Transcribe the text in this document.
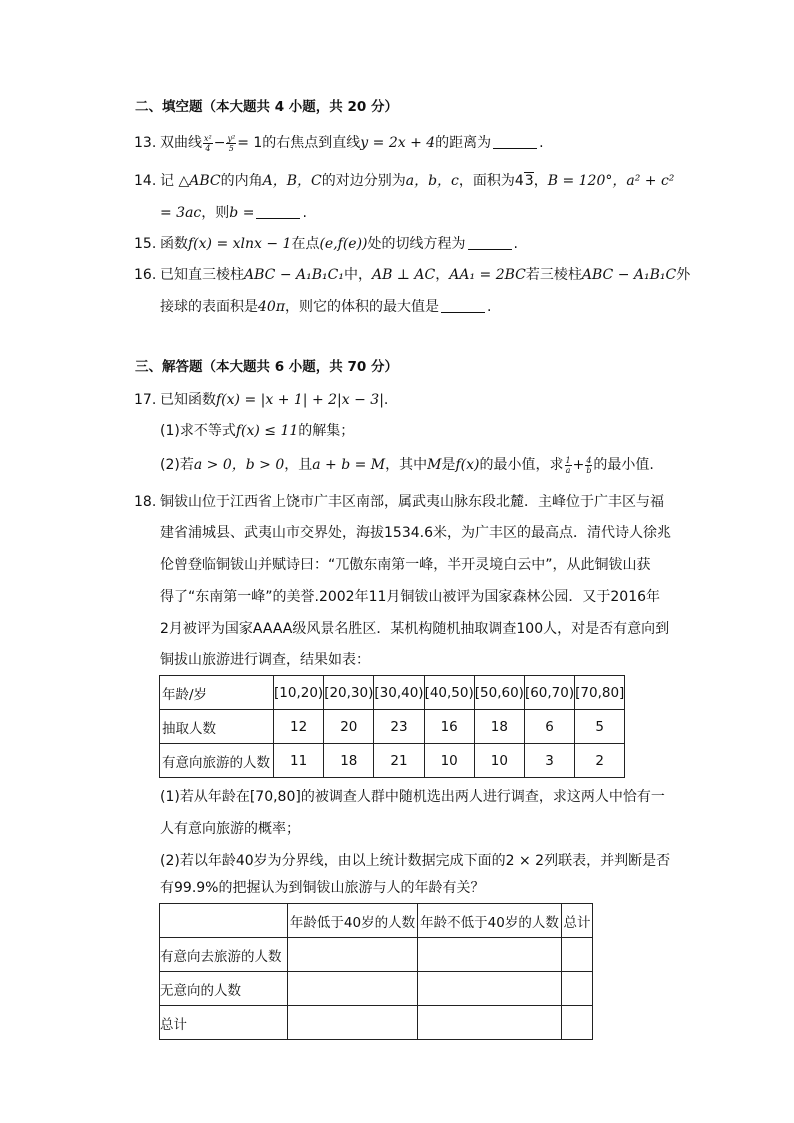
二、填空题（本大题共 4 小题，共 20 分）
13. 双曲线 $\frac{\text{x²}}{4} - \frac{\text{y²}}{5} = 1$的右焦点到直线y = 2x + 4的距离为	.
14. 记 △ABC的内角A，B，C的对边分别为a，b，c，面积为43，B = 120°，a² + c²
= 3ac，则b =	.
15. 函数f(x) = xlnx − 1在点(e,f(e))处的切线方程为	.
16. 已知直三棱柱ABC − A₁B₁C₁中，AB ⊥ AC，AA₁ = 2BC若三棱柱ABC − A₁B₁C外
接球的表面积是40π，则它的体积的最大值是	.
三、解答题（本大题共 6 小题，共 70 分）
17. 已知函数f(x) = |x + 1| + 2|x − 3|.
(1)求不等式f(x) ≤ 11的解集；
(2)若a > 0，b > 0，且a + b = M，其中M是f(x)的最小值，求 $\frac{1}{a} + \frac{4}{b}$ 的最小值.
18. 铜钹山位于江西省上饶市广丰区南部，属武夷山脉东段北麓．主峰位于广丰区与福
建省浦城县、武夷山市交界处，海拔1534.6米，为广丰区的最高点．清代诗人徐兆
伦曾登临铜钹山并赋诗曰：“兀傲东南第一峰，半开灵境白云中”，从此铜钹山获
得了“东南第一峰”的美誉.2002年11月铜钹山被评为国家森林公园．又于2016年
2月被评为国家AAAA级风景名胜区．某机构随机抽取调查100人，对是否有意向到
铜拔山旅游进行调查，结果如表：
年龄/岁	[10,20)	[20,30)	[30,40)	[40,50)	[50,60)	[60,70)	[70,80]
抽取人数	12	20	23	16	18	6	5
有意向旅游的人数	11	18	21	10	10	3	2
(1)若从年龄在[70,80]的被调查人群中随机选出两人进行调查，求这两人中恰有一
人有意向旅游的概率；
(2)若以年龄40岁为分界线，由以上统计数据完成下面的2 × 2列联表，并判断是否
有99.9%的把握认为到铜钹山旅游与人的年龄有关？
	年龄低于40岁的人数	年龄不低于40岁的人数	总计
有意向去旅游的人数			
无意向的人数			
总计			
